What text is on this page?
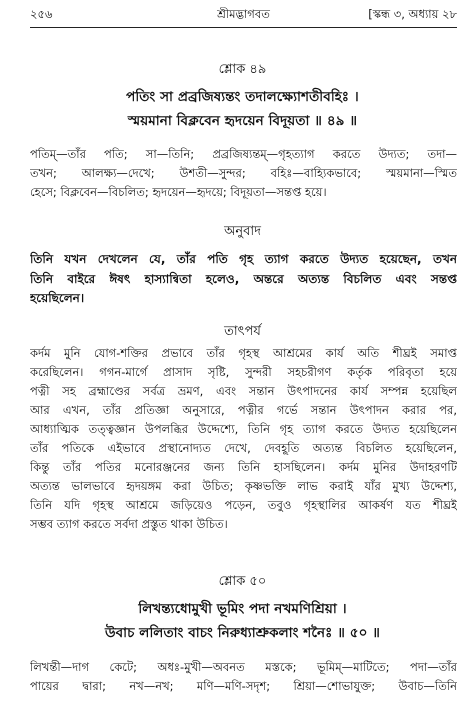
২৫৬	শ্রীমদ্ভাগবত	[স্কন্ধ ৩, অধ্যায় ২৮
শ্লোক ৪৯
পতিং সা প্রব্রজিষ্যন্তং তদালক্ষ্যোশতীবহিঃ ।
স্ময়মানা বিক্লবেন হৃদয়েন বিদূয়তা ॥ ৪৯ ॥
পতিম্—তাঁর পতি; সা—তিনি; প্রব্রজিষ্যন্তম্—গৃহত্যাগ করতে উদ্যত; তদা—
তখন; আলক্ষ্য—দেখে; উশতী—সুন্দর; বহিঃ—বাহ্যিকভাবে; স্ময়মানা—স্মিত
হেসে; বিক্লবেন—বিচলিত; হৃদয়েন—হৃদয়ে; বিদূয়তা—সন্তপ্ত হয়ে।
অনুবাদ
তিনি যখন দেখলেন যে, তাঁর পতি গৃহ ত্যাগ করতে উদ্যত হয়েছেন, তখন
তিনি বাইরে ঈষৎ হাস্যান্বিতা হলেও, অন্তরে অত্যন্ত বিচলিত এবং সন্তপ্ত
হয়েছিলেন।
তাৎপর্য
কর্দম মুনি যোগ-শক্তির প্রভাবে তাঁর গৃহস্থ আশ্রমের কার্য অতি শীঘ্রই সমাপ্ত
করেছিলেন। গগন-মার্গে প্রাসাদ সৃষ্টি, সুন্দরী সহচরীগণ কর্তৃক পরিবৃতা হয়ে
পত্নী সহ ব্রহ্মাণ্ডের সর্বত্র ভ্রমণ, এবং সন্তান উৎপাদনের কার্য সম্পন্ন হয়েছিল
আর এখন, তাঁর প্রতিজ্ঞা অনুসারে, পত্নীর গর্ভে সন্তান উৎপাদন করার পর,
আধ্যাত্মিক তত্ত্বজ্ঞান উপলব্ধির উদ্দেশ্যে, তিনি গৃহ ত্যাগ করতে উদ্যত হয়েছিলেন
তাঁর পতিকে এইভাবে প্রস্থানোদ্যত দেখে, দেবহূতি অত্যন্ত বিচলিত হয়েছিলেন,
কিন্তু তাঁর পতির মনোরঞ্জনের জন্য তিনি হাসছিলেন। কর্দম মুনির উদাহরণটি
অত্যন্ত ভালভাবে হৃদয়ঙ্গম করা উচিত; কৃষ্ণভক্তি লাভ করাই যাঁর মুখ্য উদ্দেশ্য,
তিনি যদি গৃহস্থ আশ্রমে জড়িয়েও পড়েন, তবুও গৃহস্থালির আকর্ষণ যত শীঘ্রই
সম্ভব ত্যাগ করতে সর্বদা প্রস্তুত থাকা উচিত।
শ্লোক ৫০
লিখন্ত্যধোমুখী ভূমিং পদা নখমণিশ্রিয়া ।
উবাচ ললিতাং বাচং নিরুধ্যাশ্রুকলাং শনৈঃ ॥ ৫০ ॥
লিখন্তী—দাগ কেটে; অধঃ-মুখী—অবনত মস্তকে; ভূমিম্—মাটিতে; পদা—তাঁর
পায়ের দ্বারা; নখ—নখ; মণি—মণি-সদৃশ; শ্রিয়া—শোভাযুক্ত; উবাচ—তিনি
